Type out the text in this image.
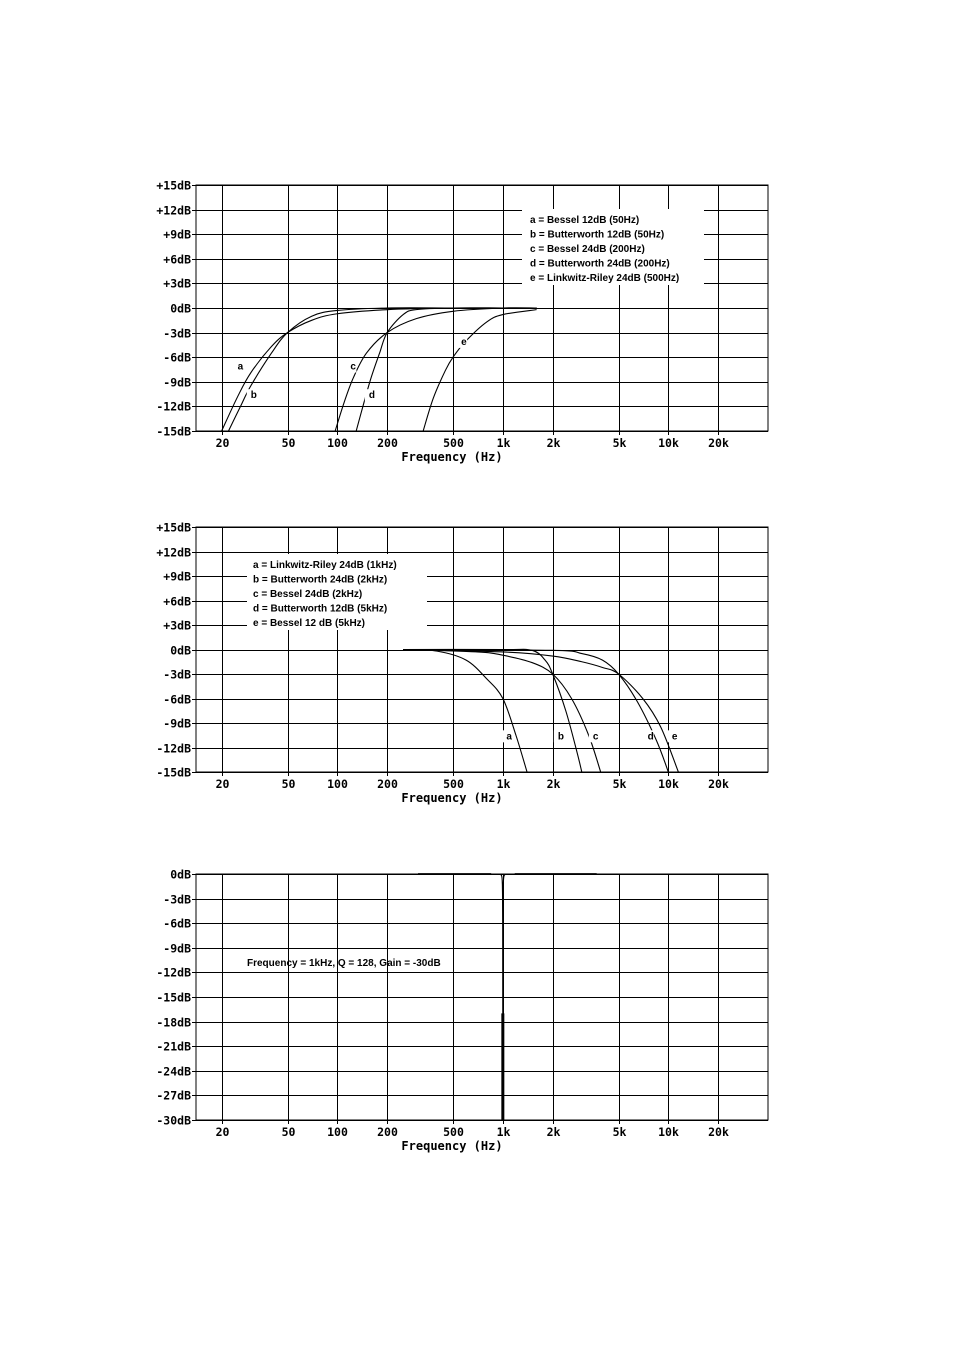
+15dB
+12dB
+9dB
+6dB
+3dB
0dB
-3dB
-6dB
-9dB
-12dB
-15dB
20	50	100	200	500	1k	2k	5k	10k	20k
Frequency (Hz)
a = Bessel 12dB (50Hz)
b = Butterworth 12dB (50Hz)
c = Bessel 24dB (200Hz)
d = Butterworth 24dB (200Hz)
e = Linkwitz-Riley 24dB (500Hz)
a
b
c
d
e
+15dB
+12dB
+9dB
+6dB
+3dB
0dB
-3dB
-6dB
-9dB
-12dB
-15dB
20	50	100	200	500	1k	2k	5k	10k	20k
Frequency (Hz)
a = Linkwitz-Riley 24dB (1kHz)
b = Butterworth 24dB (2kHz)
c = Bessel 24dB (2kHz)
d = Butterworth 12dB (5kHz)
e = Bessel 12 dB (5kHz)
a	b	c	d e
0dB
-3dB
-6dB
-9dB
-12dB
-15dB
-18dB
-21dB
-24dB
-27dB
-30dB
20	50	100	200	500	1k	2k	5k	10k	20k
Frequency (Hz)
Frequency = 1kHz, Q = 128, Gain = -30dB
